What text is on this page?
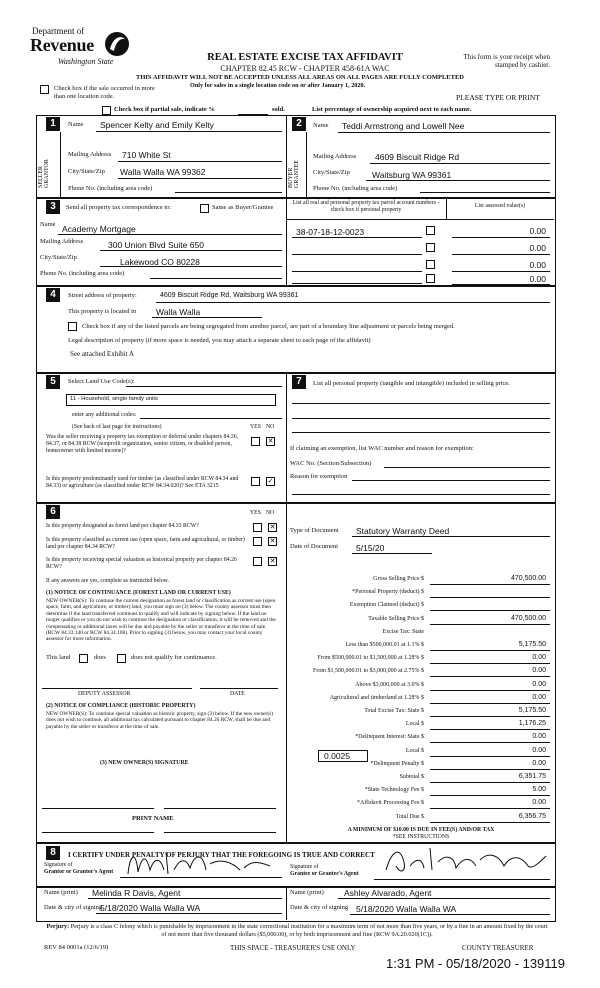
Department of
Revenue
Washington State	REAL ESTATE EXCISE TAX AFFIDAVIT
CHAPTER 82.45 RCW - CHAPTER 458-61A WAC
THIS AFFIDAVIT WILL NOT BE ACCEPTED UNLESS ALL AREAS ON ALL PAGES ARE FULLY COMPLETED
Only for sales in a single location code on or after January 1, 2020.
This form is your receipt when stamped by cashier.
PLEASE TYPE OR PRINT
Check box if the sale occurred in more than one location code.
Check box if partial sale, indicate %	sold.	List percentage of ownership acquired next to each name.
1	Name Spencer Kelty and Emily Kelty
SELLER GRANTOR
Mailing Address 710 White St
City/State/Zip Walla Walla WA 99362
Phone No. (including area code)
2	Name Teddi Armstrong and Lowell Nee
BUYER GRANTEE
Mailing Address 4609 Biscuit Ridge Rd
City/State/Zip	Waitsburg WA 99361
Phone No. (including area code)
3	Send all property tax correspondence to:	Same as Buyer/Grantee
List all real and personal property tax parcel account numbers - check box if personal property
List assessed value(s)
Name Academy Mortgage
Mailing Address	300 Union Blvd Suite 650
City/State/Zip	Lakewood CO 80228
Phone No. (including area code)
38-07-18-12-0023	0.00
0.00
0.00
0.00
4	Street address of property:	4609 Biscuit Ridge Rd, Waitsburg WA 99361
This property is located in Walla Walla
Check box if any of the listed parcels are being segregated from another parcel, are part of a boundary line adjustment or parcels being merged.
Legal description of property (if more space is needed, you may attach a separate sheet to each page of the affidavit)
See attached Exhibit A
5	Select Land Use Code(s):
11 - Household, single family units
enter any additional codes:
(See back of last page for instructions)	YES NO
Was the seller receiving a property tax exemption or deferral under chapters 84.36, 84.37, or 84.38 RCW (nonprofit organization, senior citizen, or disabled person, homeowner with limited income)?
✕
Is this property predominantly used for timber (as classified under RCW 84.34 and 84.33) or agriculture (as classified under RCW 84.34.020)? See ETA 3215
✓
7	List all personal property (tangible and intangible) included in selling price.
If claiming an exemption, list WAC number and reason for exemption:
WAC No. (Section/Subsection)
Reason for exemption
6	YES NO
Is this property designated as forest land per chapter 84.33 RCW?	✕
Is this property classified as current use (open space, farm and agricultural, or timber) land per chapter 84.34 RCW?
✕
Is this property receiving special valuation as historical property per chapter 84.26 RCW?
✕
If any answers are yes, complete as instructed below.
(1) NOTICE OF CONTINUANCE (FOREST LAND OR CURRENT USE)
NEW OWNER(S): To continue the current designation as forest land or classification as current use (open space, farm, and agriculture, or timber) land, you must sign on (3) below. The county assessor must then determine if the land transferred continues to qualify and will indicate by signing below. If the land no longer qualifies or you do not wish to continue the designation or classification, it will be removed and the compensating or additional taxes will be due and payable by the seller or transferor at the time of sale. (RCW 84.33.140 or RCW 84.34.108). Prior to signing (3) below, you may contact your local county assessor for more information.
This land	does	does not qualify for continuance.
DEPUTY ASSESSOR	DATE
(2) NOTICE OF COMPLIANCE (HISTORIC PROPERTY)
NEW OWNER(S): To continue special valuation as historic property, sign (3) below. If the new owner(s) does not wish to continue, all additional tax calculated pursuant to chapter 84.26 RCW, shall be due and payable by the seller or transferor at the time of sale.
(3) NEW OWNER(S) SIGNATURE
PRINT NAME
Type of Document Statutory Warranty Deed
Date of Document 5/15/20
Gross Selling Price $	470,500.00
*Personal Property (deduct) $
Exemption Claimed (deduct) $
Taxable Selling Price $	470,500.00
Excise Tax: State
Less than $500,000.01 at 1.1% $	5,175.50
From $500,000.01 to $1,500,000 at 1.28% $	0.00
From $1,500,000.01 to $3,000,000 at 2.75% $	0.00
Above $3,000,000 at 3.0% $	0.00
Agricultural and timberland at 1.28% $	0.00
Total Excise Tax: State $	5,175.50
Local $	1,176.25
*Delinquent Interest: State $	0.00
Local $	0.00
*Delinquent Penalty $	0.00
Subtotal $	6,351.75
*State Technology Fee $	5.00
*Affidavit Processing Fee $	0.00
Total Due $	6,356.75
0.0025
A MINIMUM OF $10.00 IS DUE IN FEE(S) AND/OR TAX
*SEE INSTRUCTIONS
8	I CERTIFY UNDER PENALTY OF PERJURY THAT THE FOREGOING IS TRUE AND CORRECT
Signature of
Grantor or Grantor's Agent
Signature of
Grantee or Grantee's Agent
Name (print) Melinda R Davis, Agent
Date & city of signing
5/18/2020 Walla Walla WA
Name (print) Ashley Alvarado, Agent
Date & city of signing 5/18/2020 Walla Walla WA
Perjury: Perjury is a class C felony which is punishable by imprisonment in the state correctional institution for a maximum term of not more than five years, or by a fine in an amount fixed by the court of not more than five thousand dollars ($5,000.00), or by both imprisonment and fine (RCW 9A.20.020(1C)).
REV 84 0001a (12/6/19)	THIS SPACE - TREASURER'S USE ONLY	COUNTY TREASURER
1:31 PM - 05/18/2020 - 139119
